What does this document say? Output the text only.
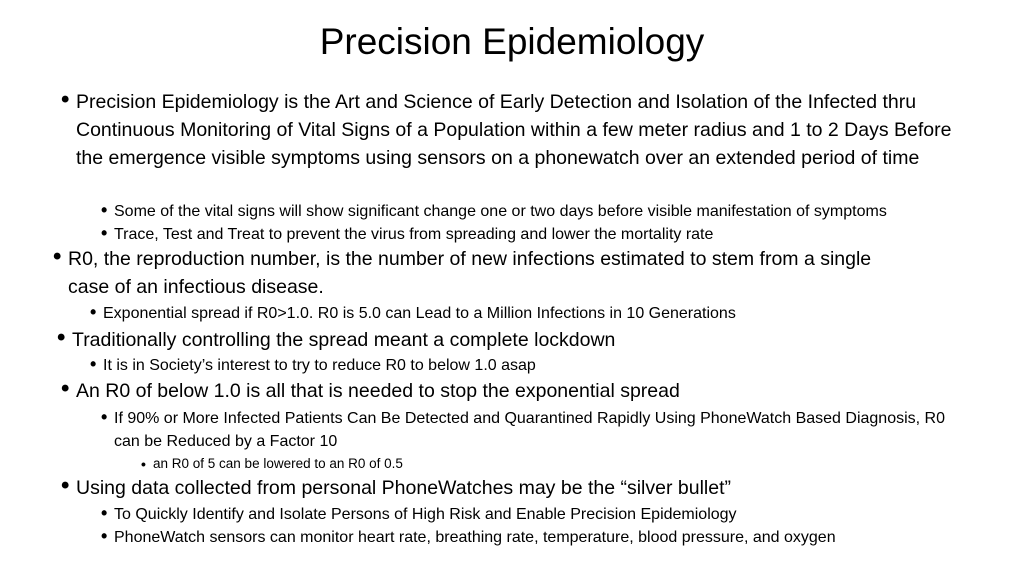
Precision Epidemiology
• Precision Epidemiology is the Art and Science of Early Detection and Isolation of the Infected thru Continuous Monitoring of Vital Signs of a Population within a few meter radius and 1 to 2 Days Before the emergence visible symptoms using sensors on a phonewatch over an extended period of time
• Some of the vital signs will show significant change one or two days before visible manifestation of symptoms
• Trace, Test and Treat to prevent the virus from spreading and lower the mortality rate
• R0, the reproduction number, is the number of new infections estimated to stem from a single case of an infectious disease.
• Exponential spread if R0>1.0. R0 is 5.0 can Lead to a Million Infections in 10 Generations
• Traditionally controlling the spread meant a complete lockdown
• It is in Society’s interest to try to reduce R0 to below 1.0 asap
• An R0 of below 1.0 is all that is needed to stop the exponential spread
• If 90% or More Infected Patients Can Be Detected and Quarantined Rapidly Using PhoneWatch Based Diagnosis, R0 can be Reduced by a Factor 10
• an R0 of 5 can be lowered to an R0 of 0.5
• Using data collected from personal PhoneWatches may be the “silver bullet”
• To Quickly Identify and Isolate Persons of High Risk and Enable Precision Epidemiology
• PhoneWatch sensors can monitor heart rate, breathing rate, temperature, blood pressure, and oxygen
